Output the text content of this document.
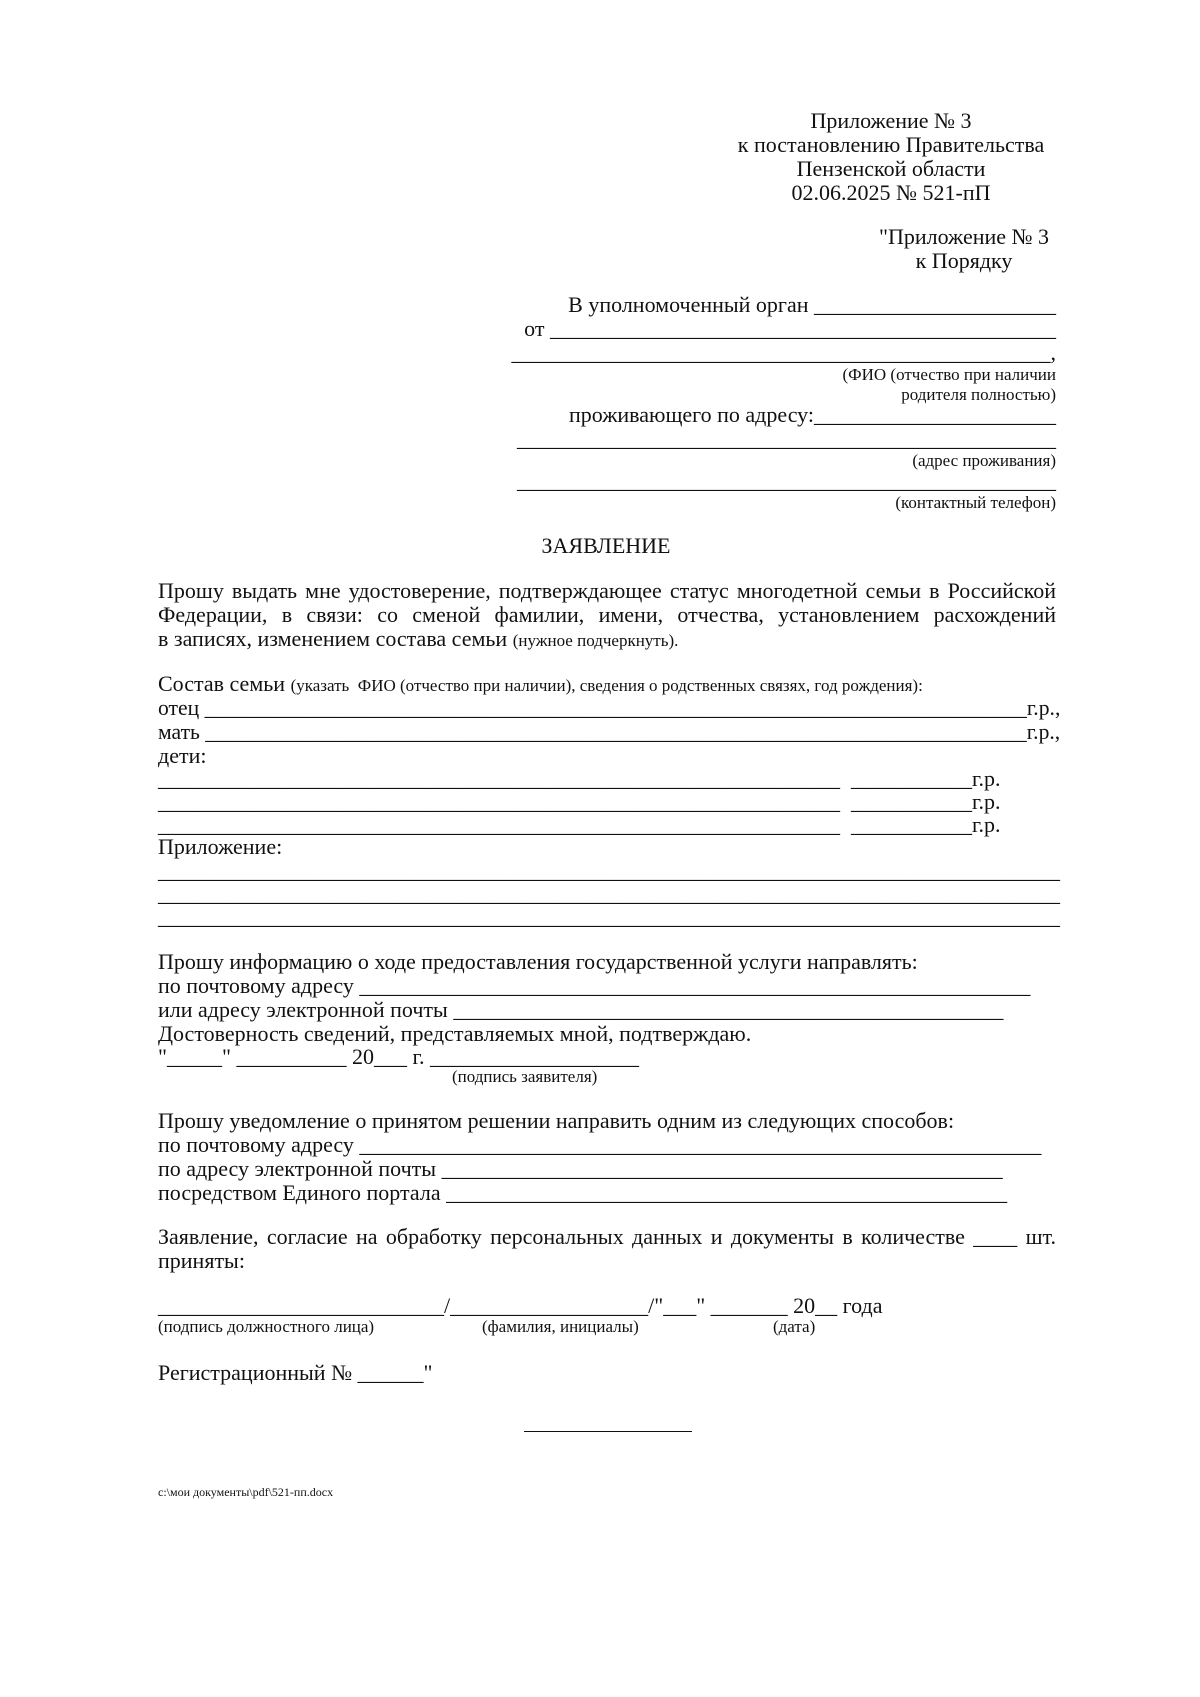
Приложение № 3
к постановлению Правительства
Пензенской области
02.06.2025 № 521-пП
"Приложение № 3
к Порядку
В уполномоченный орган ______________________
от ______________________________________________
_________________________________________________,
(ФИО (отчество при наличии
родителя полностью)
проживающего по адресу:______________________
_________________________________________________
(адрес проживания)
_________________________________________________
(контактный телефон)
ЗАЯВЛЕНИЕ
Прошу выдать мне удостоверение, подтверждающее статус многодетной семьи в Российской
Федерации, в связи: со сменой фамилии, имени, отчества, установлением расхождений
в записях, изменением состава семьи (нужное подчеркнуть).
Состав семьи (указать  ФИО (отчество при наличии), сведения о родственных связях, год рождения):
отец ____________________________________________________________________________г.р.,
мать ____________________________________________________________________________г.р.,
дети:
______________________________________________________________  ___________г.р.
______________________________________________________________  ___________г.р.
______________________________________________________________  ___________г.р.
Приложение:
_____________________________________________________________________________________
_____________________________________________________________________________________
_____________________________________________________________________________________
Прошу информацию о ходе предоставления государственной услуги направлять:
по почтовому адресу _____________________________________________________________
или адресу электронной почты __________________________________________________
Достоверность сведений, представляемых мной, подтверждаю.
"_____" __________ 20___ г. ___________________
(подпись заявителя)
Прошу уведомление о принятом решении направить одним из следующих способов:
по почтовому адресу ______________________________________________________________
по адресу электронной почты ___________________________________________________
посредством Единого портала ___________________________________________________
Заявление, согласие на обработку персональных данных и документы в количестве ____ шт.
приняты:
__________________________/__________________/"___" _______ 20__ года
(подпись должностного лица)	(фамилия, инициалы)	(дата)
Регистрационный № ______"
c:\мои документы\pdf\521-пп.docx
